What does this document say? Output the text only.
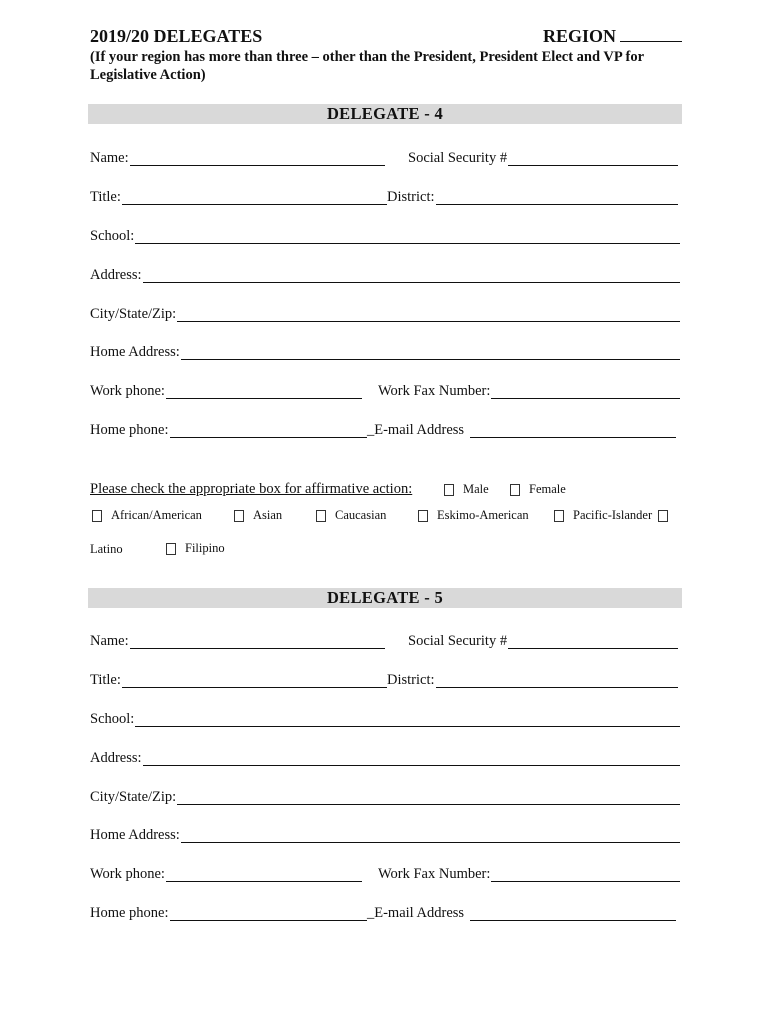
2019/20 DELEGATES	REGION
(If your region has more than three – other than the President, President Elect and VP for Legislative Action)
DELEGATE - 4
Name:	Social Security #
Title:	District:
School:
Address:
City/State/Zip:
Home Address:
Work phone:	Work Fax Number:
Home phone:	_E-mail Address
Please check the appropriate box for affirmative action:	Male	Female
African/American	Asian	Caucasian	Eskimo-American	Pacific-Islander
Latino	Filipino
DELEGATE - 5
Name:	Social Security #
Title:	District:
School:
Address:
City/State/Zip:
Home Address:
Work phone:	Work Fax Number:
Home phone:	_E-mail Address
